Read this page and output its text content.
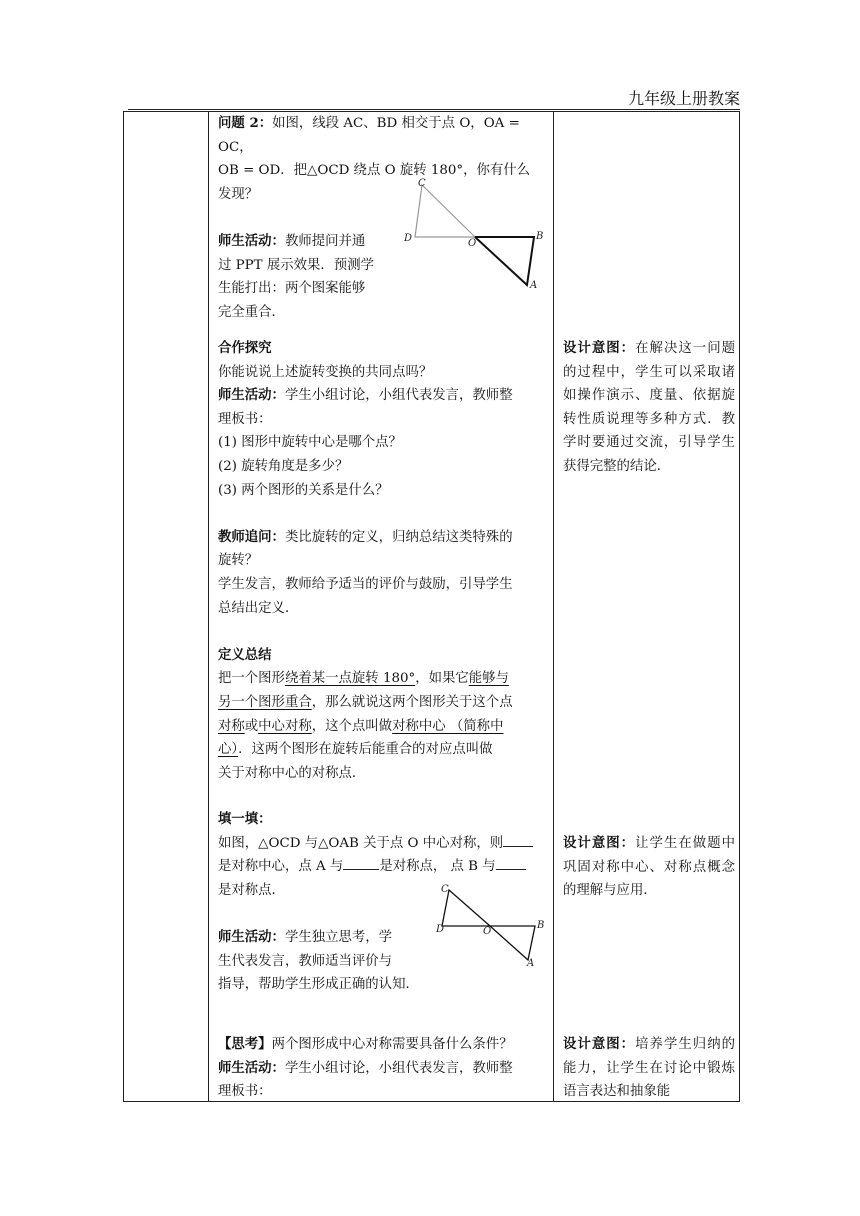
九年级上册教案

问题 2：如图，线段 AC、BD 相交于点 O，OA = OC，

OB = OD．把△OCD 绕点 O 旋转 180°，你有什么

发现？

师生活动：教师提问并通

过 PPT 展示效果．预测学

生能打出：两个图案能够

完全重合．

C
D	O
B
A

合作探究

你能说说上述旋转变换的共同点吗？

师生活动：学生小组讨论，小组代表发言，教师整

理板书：

(1) 图形中旋转中心是哪个点？

(2) 旋转角度是多少？

(3) 两个图形的关系是什么？

教师追问：类比旋转的定义，归纳总结这类特殊的

旋转？

学生发言，教师给予适当的评价与鼓励，引导学生

总结出定义．

定义总结

把一个图形绕着某一点旋转 180°，如果它能够与

另一个图形重合，那么就说这两个图形关于这个点

对称或中心对称，这个点叫做对称中心 （简称中

心）．这两个图形在旋转后能重合的对应点叫做

关于对称中心的对称点．

填一填：

如图，△OCD 与△OAB 关于点 O 中心对称，则

是对称中心，点 A 与	是对称点， 点 B 与

是对称点．

师生活动：学生独立思考，学

生代表发言，教师适当评价与

指导，帮助学生形成正确的认知．

C
D	O
B
A

【思考】两个图形成中心对称需要具备什么条件？

师生活动：学生小组讨论，小组代表发言，教师整

理板书：

设计意图：在解决这一问题的过程中，学生可以采取诸如操作演示、度量、依据旋转性质说理等多种方式．教学时要通过交流，引导学生获得完整的结论．
设计意图：让学生在做题中巩固对称中心、对称点概念的理解与应用．
设计意图：培养学生归纳的能力，让学生在讨论中锻炼语言表达和抽象能
